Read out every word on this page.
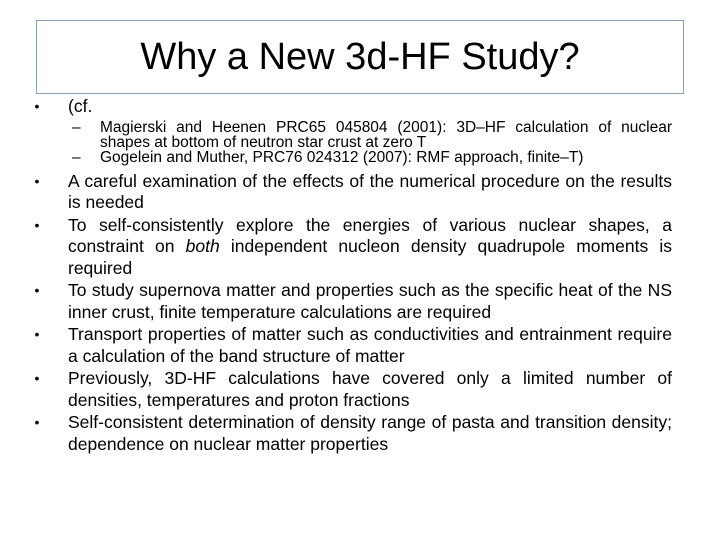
Why a New 3d-HF Study?
• (cf.
– Magierski and Heenen PRC65 045804 (2001): 3D–HF calculation of nuclear shapes at bottom of neutron star crust at zero T
– Gogelein and Muther, PRC76 024312 (2007): RMF approach, finite–T)
• A careful examination of the effects of the numerical procedure on the results is needed
• To self-consistently explore the energies of various nuclear shapes, a constraint on both independent nucleon density quadrupole moments is required
• To study supernova matter and properties such as the specific heat of the NS inner crust, finite temperature calculations are required
• Transport properties of matter such as conductivities and entrainment require a calculation of the band structure of matter
• Previously, 3D-HF calculations have covered only a limited number of densities, temperatures and proton fractions
• Self-consistent determination of density range of pasta and transition density; dependence on nuclear matter properties
